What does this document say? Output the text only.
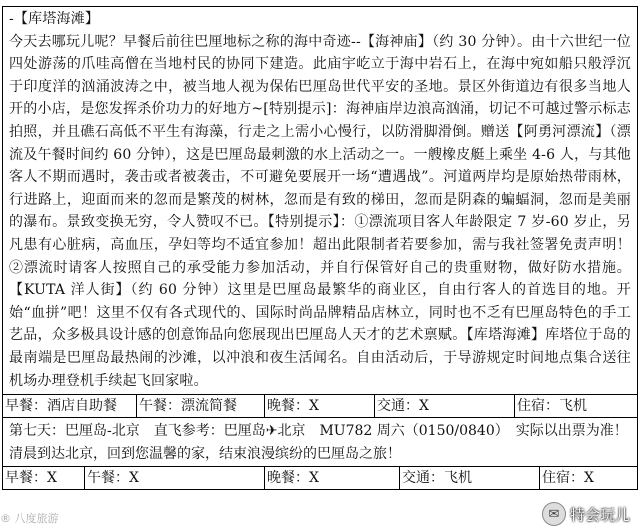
-【库塔海滩】

今天去哪玩儿呢？早餐后前往巴厘地标之称的海中奇迹--【海神庙】（约 30 分钟）。由十六世纪一位四处游荡的爪哇高僧在当地村民的协同下建造。此庙宇屹立于海中岩石上，在海中宛如船只般浮沉于印度洋的汹涌波涛之中，被当地人视为保佑巴厘岛世代平安的圣地。景区外街道边有很多当地人开的小店，是您发挥杀价功力的好地方~[特别提示]：海神庙岸边浪高汹涌，切记不可越过警示标志拍照，并且礁石高低不平生有海藻，行走之上需小心慢行，以防滑脚滑倒。赠送【阿勇河漂流】（漂流及午餐时间约 60 分钟），这是巴厘岛最刺激的水上活动之一。一艘橡皮艇上乘坐 4-6 人，与其他客人不期而遇时，袭击或者被袭击，不可避免要展开一场“遭遇战”。河道两岸均是原始热带雨林，行进路上，迎面而来的忽而是繁茂的树林，忽而是有致的梯田，忽而是阴森的蝙蝠洞，忽而是美丽的瀑布。景致变换无穷，令人赞叹不已。【特别提示】：①漂流项目客人年龄限定 7 岁-60 岁止，另凡患有心脏病，高血压，孕妇等均不适宜参加！超出此限制者若要参加，需与我社签署免责声明！②漂流时请客人按照自己的承受能力参加活动，并自行保管好自己的贵重财物，做好防水措施。【KUTA 洋人街】（约 60 分钟）这里是巴厘岛最繁华的商业区，自由行客人的首选目的地。开始“血拼”吧！这里不仅有各式现代的、国际时尚品牌精品店林立，同时也不乏有巴厘岛特色的手工艺品，众多极具设计感的创意饰品向您展现出巴厘岛人天才的艺术禀赋。【库塔海滩】库塔位于岛的最南端是巴厘岛最热闹的沙滩，以冲浪和夜生活闻名。自由活动后，于导游规定时间地点集合送往机场办理登机手续起飞回家啦。

早餐：酒店自助餐	午餐：漂流简餐	晚餐：X	交通：X	住宿：飞机

第七天：巴厘岛-北京　直飞参考：巴厘岛✈北京　MU782 周六（0150/0840）　实际以出票为准！

清晨到达北京，回到您温馨的家，结束浪漫缤纷的巴厘岛之旅！

早餐：X	午餐：X	晚餐：X	交通：飞机	住宿：X
® 八度旅游	✉ 特会玩儿
